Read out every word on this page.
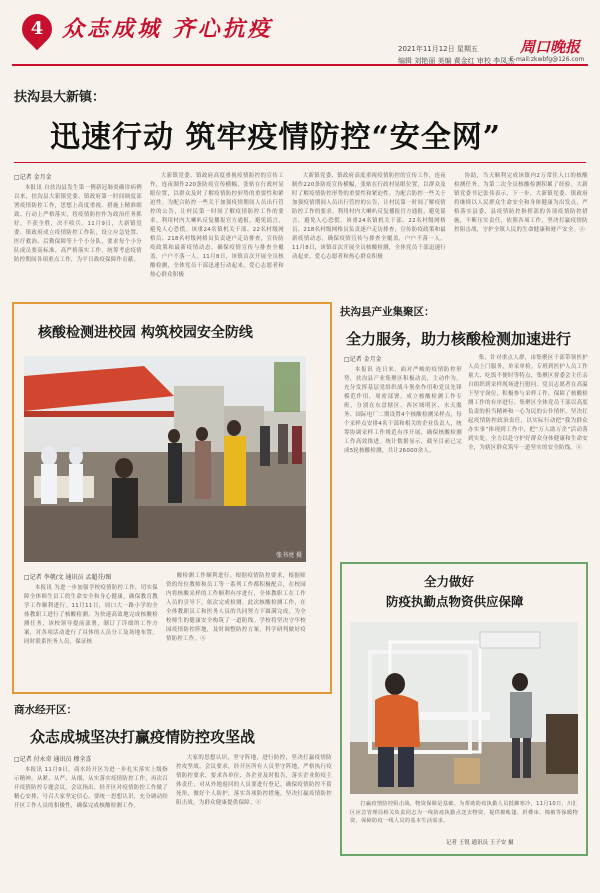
4 众志成城 齐心抗疫
2021年11月12日 星期五
编辑 刘艳丽 美编 黄金红 审校 李凤杰
周口晚报
E-mail:zkwbfg@126.com
扶沟县大新镇：
迅速行动 筑牢疫情防控“安全网”
□记者 金月金

本报讯 自扶沟县发生第一例新冠肺炎确诊病例以来，扶沟县大新镇党委、镇政府第一时间调度部署疫情防控工作，思想上高度重视、措施上精准细致、行动上严格落实，将疫情防控作为政治任务抓好，不获全胜，决不收兵。11月9日，大新镇党委、镇政府成立疫情防控工作队，设立应急处置、医疗救治、后勤保障等十个小分队，要求每个小分队成员要高标准、高严格落实工作，统筹考虑疫情防控期间各项重点工作，为平日战疫保障作贡献。

大新镇党委、镇政府高度重视疫情防控的宣传工作，连夜制作220条防疫宣传横幅，张贴在行政村显眼位置，以群众及时了解疫情防控形势的重要性和紧迫性。为配合防控一些关于加强疫情期间人员出行管控的公告，让村民第一时间了解疫情防控工作的要求。利用村内大喇叭反复播报官方通报，避免谣言，避免人心恐慌。该重24名镇机关干部、22名村级网格员、218名村级网格员负责逐户走访排查，宣传防疫政策和最新疫情动态，确保疫情宣传与排查全覆盖，户户不落一人。11月8日，该镇首次开展全员核酸检测，全体党员干部迅速行动起来，爱心志愿者和热心群众积极

大新镇党委、镇政府高度重视疫情防控的宣传工作，连夜制作220条防疫宣传横幅，张贴在行政村显眼位置，以群众及时了解疫情防控形势的重要性和紧迫性。为配合防控一些关于加强疫情期间人员出行管控的公告，让村民第一时间了解疫情防控工作的要求。利用村内大喇叭反复播报官方通报，避免谣言，避免人心恐慌。该重24名镇机关干部、22名村级网格员、218名村级网格员负责逐户走访排查，宣传防疫政策和最新疫情动态，确保疫情宣传与排查全覆盖，户户不落一人。11月8日，该镇首次开展全员核酸检测，全体党员干部迅速行动起来，爱心志愿者和热心群众积极

协助，当天顺利完成该镇内2万常住人口的核酸检测任务。为第二次全员核酸检测积累了经验。大新镇党委书记张伟表示，下一步，大新镇党委、镇政府将继续以人民群众生命安全和身体健康为出发点，严格落实县委、县疫情防控指挥部的各项疫情防控措施，不断压实责任，依照各项工作，坚决打赢疫情防控阻击战，守护全镇人民的生命健康和财产安全。ⓐ

核酸检测进校园 构筑校园安全防线
张书亮 摄
□记者 李朝/文 通讯员 孟超芬/图

本报讯 为进一步加强学校疫情防控工作，切实保障全体师生员工的生命安全和身心健康，确保教育教学工作顺利进行。11月11日，周口大一路小学的全体教职工进行了核酸检测。为快速高效地完成核酸检测任务，该校领导提前部署，制订了详细的工作方案，对各项活动进行了具体的人员分工及场地布置。同时联系医务人员，保证核

酸检测工作顺利进行。根据疫情防控要求，根据师资的每位教师和员工等一系列工作都积极配合，在校园内将核酸采样的工作顺利有序进行，全体教职工在工作人员的引导下，依次完成检测。此次核酸检测工作，在全体教职员工和医务人员的共同努力下圆满完成，为全校师生的健康安全构筑了一道防线。学校将坚决守牢校园疫情防控阵地，及时调整防控方案，科学研判做好疫情防控工作。ⓐ

扶沟县产业集聚区：
全力服务，助力核酸检测加速进行
□记者 金月金

本报讯 连日来，面对严峻的疫情防控形势，扶沟县产业集聚区积极动员，主动作为，充分发挥基层党组织战斗堡垒作用和党员先锋模范作用，周密部署，成立核酸检测工作专班，分别在东盘辖区、西区域明区、水天服务、国际电厂二期设置4个核酸检测采样点，每个采样点安排4名干部和相关的企业负责人，统筹协调采样工作规范有序开展，确保核酸检测工作高效推进。统计数据显示，截至目前已完成5轮核酸检测，共计26000余人。

集，针对重点人群，由集聚区干部带领医护人员上门服务，单采单检。专班到医护人员工作量大、吃饭不便时等特点，集聚区督委会主任亲自组织到采样现场进行慰问。党员志愿者在高温下坚守岗位，积极参与采样工作，保障了核酸检测工作的有序进行。集聚区全体党员干部以高度负责的担当精神和一心为民的公仆情怀，坚决扛起疫情防控政治责任，以实际行动把“我为群众办实事”体现到工作中，把“万人助万企”活动落到实处，全力以赴守护好群众身体健康和生命安全，为辖区群众筑牢一道坚实的安全防线。ⓐ

全力做好
防疫执勤点物资供应保障

打赢疫情防控阻击战，物资保障是基础。为帮助防疫执勤人员抵御寒冷，11月10日，川汇区应急管理局相关负责同志为一线防疫执勤点送去物资，提供棉帐篷、折叠床、棉被等保暖物资，保障防疫一线人员的基本生活需求。

记者 王锐 通讯员 王子安 摄
商水经开区：
众志成城坚决打赢疫情防控攻坚战
□记者 付永奇 通讯员 穆全喜

本报讯 11月9日，商水经开区为进一步扎实落实上级指示精神，从紧、从严、从细、从实落实疫情防控工作，再次召开疫情防控专题会议。会议指出，经开区对疫情防控工作做了精心安排，号召大家坚定信心、要统一思想认识，充分调动经开区工作人员的积极性，确保完成核酸检测工作。

大家的思想认识，坚守阵地，进行防控，坚决打赢疫情防控攻坚战。会议要求，经开区所有人员坚守阵地，严格执行疫情防控要求，要求各单位、各企业及时报告，落实企业防疫主体责任，对从外地返回的人员要进行登记，确保疫情防控不留死角，做好个人防护，落实各项防控措施，坚决打赢疫情防控阻击战，为群众健康提供保障。ⓐ
